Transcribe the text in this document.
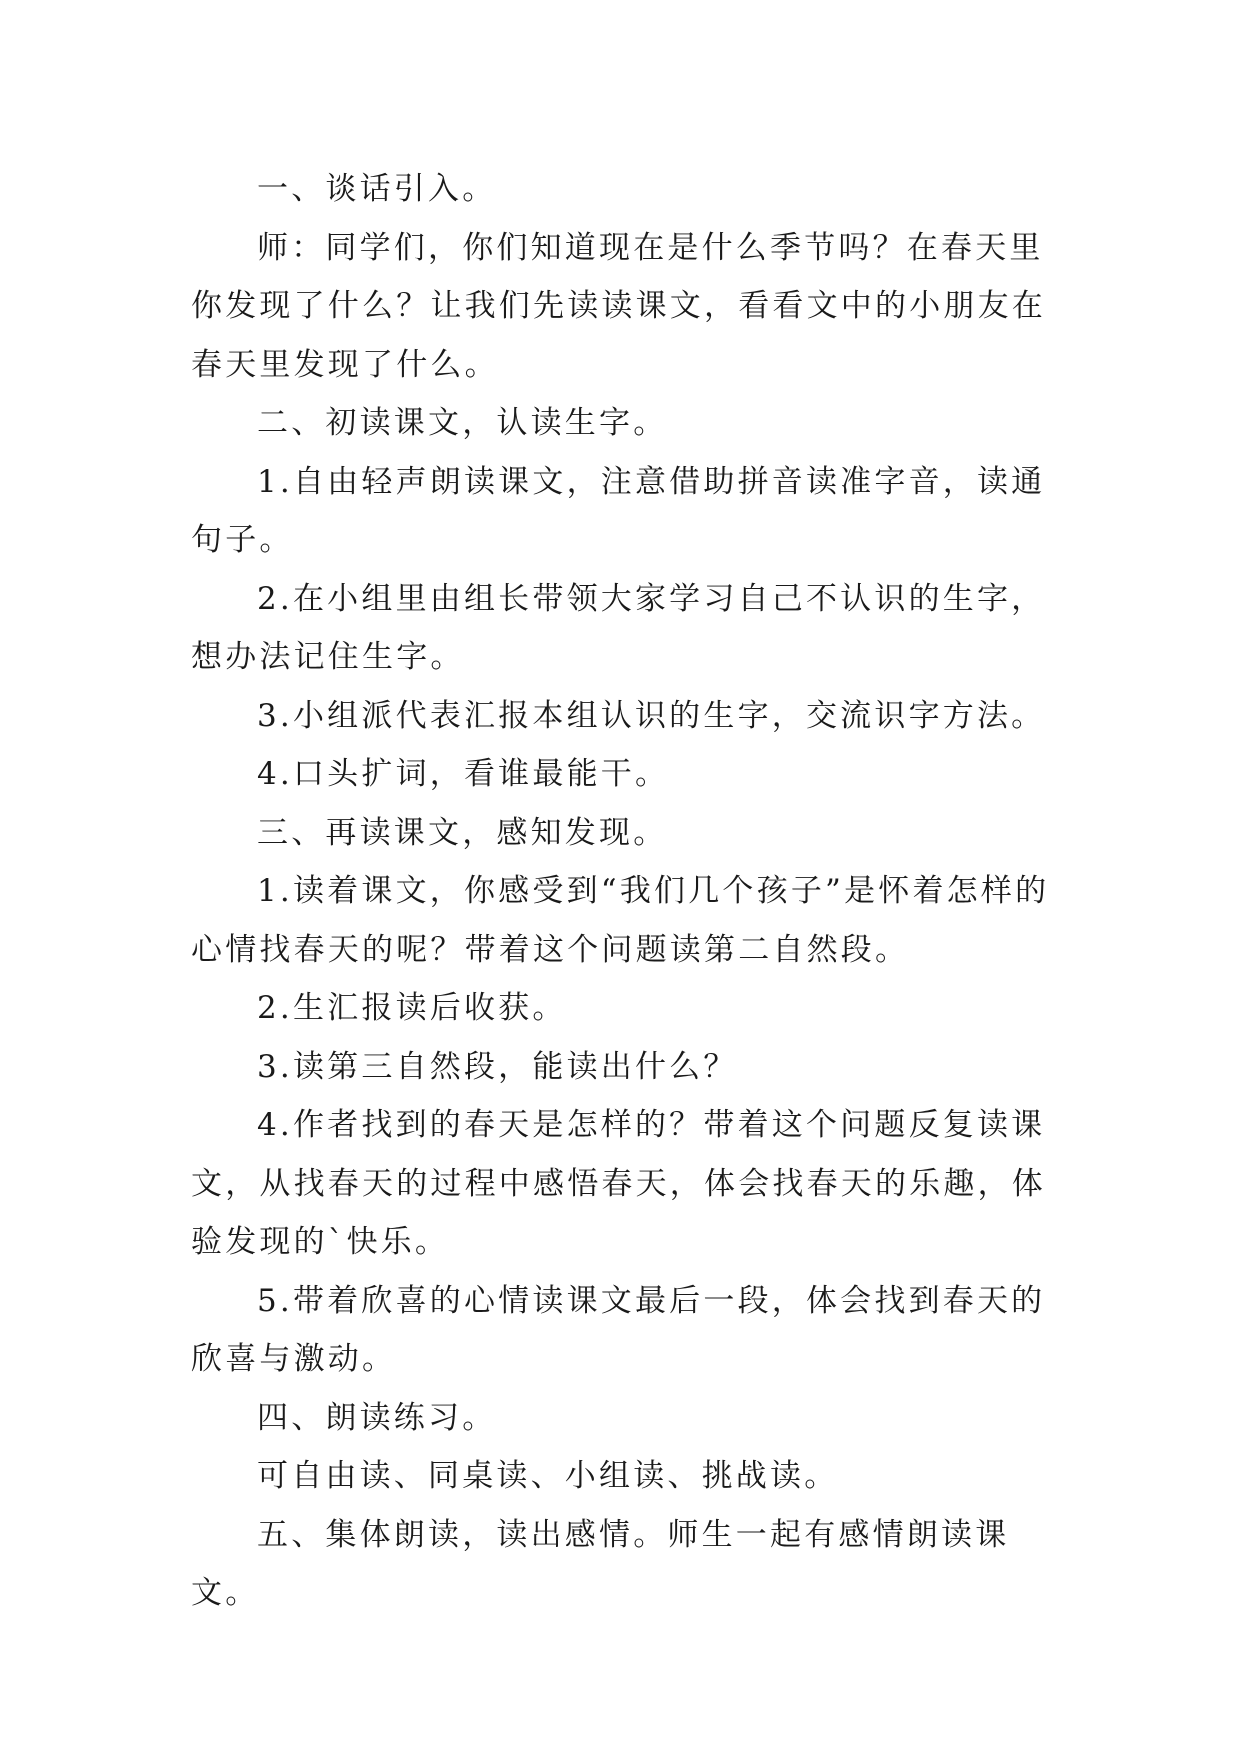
一、谈话引入。

师：同学们，你们知道现在是什么季节吗？在春天里你发现了什么？让我们先读读课文，看看文中的小朋友在春天里发现了什么。

二、初读课文，认读生字。

1.自由轻声朗读课文，注意借助拼音读准字音，读通句子。

2.在小组里由组长带领大家学习自己不认识的生字，想办法记住生字。

3.小组派代表汇报本组认识的生字，交流识字方法。

4.口头扩词，看谁最能干。

三、再读课文，感知发现。

1.读着课文，你感受到“我们几个孩子”是怀着怎样的心情找春天的呢？带着这个问题读第二自然段。

2.生汇报读后收获。

3.读第三自然段，能读出什么？

4.作者找到的春天是怎样的？带着这个问题反复读课文，从找春天的过程中感悟春天，体会找春天的乐趣，体验发现的`快乐。

5.带着欣喜的心情读课文最后一段，体会找到春天的欣喜与激动。

四、朗读练习。

可自由读、同桌读、小组读、挑战读。

五、集体朗读，读出感情。师生一起有感情朗读课文。
